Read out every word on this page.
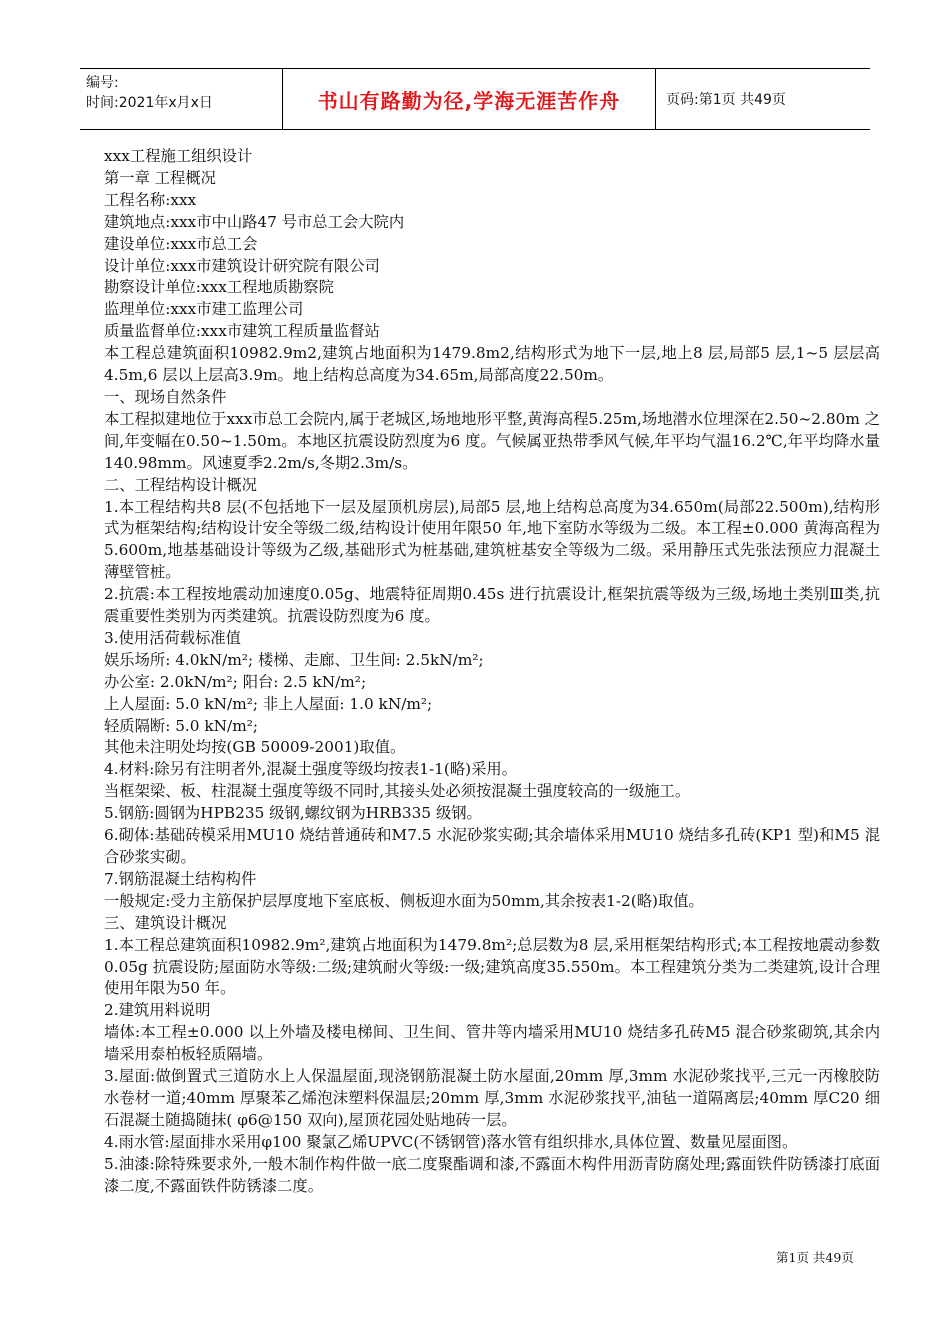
编号:
时间:2021年x月x日	书山有路勤为径,学海无涯苦作舟	页码:第1页 共49页

xxx工程施工组织设计

第一章 工程概况

工程名称:xxx

建筑地点:xxx市中山路47 号市总工会大院内

建设单位:xxx市总工会

设计单位:xxx市建筑设计研究院有限公司

勘察设计单位:xxx工程地质勘察院

监理单位:xxx市建工监理公司

质量监督单位:xxx市建筑工程质量监督站

本工程总建筑面积10982.9m2,建筑占地面积为1479.8m2,结构形式为地下一层,地上8 层,局部5 层,1~5 层层高4.5m,6 层以上层高3.9m。地上结构总高度为34.65m,局部高度22.50m。

一、现场自然条件

本工程拟建地位于xxx市总工会院内,属于老城区,场地地形平整,黄海高程5.25m,场地潜水位埋深在2.50~2.80m 之间,年变幅在0.50~1.50m。本地区抗震设防烈度为6 度。气候属亚热带季风气候,年平均气温16.2℃,年平均降水量140.98mm。风速夏季2.2m/s,冬期2.3m/s。

二、工程结构设计概况

1.本工程结构共8 层(不包括地下一层及屋顶机房层),局部5 层,地上结构总高度为34.650m(局部22.500m),结构形式为框架结构;结构设计安全等级二级,结构设计使用年限50 年,地下室防水等级为二级。本工程±0.000 黄海高程为5.600m,地基基础设计等级为乙级,基础形式为桩基础,建筑桩基安全等级为二级。采用静压式先张法预应力混凝土薄壁管桩。

2.抗震:本工程按地震动加速度0.05g、地震特征周期0.45s 进行抗震设计,框架抗震等级为三级,场地土类别Ⅲ类,抗震重要性类别为丙类建筑。抗震设防烈度为6 度。

3.使用活荷载标准值

娱乐场所: 4.0kN/m²; 楼梯、走廊、卫生间: 2.5kN/m²;

办公室: 2.0kN/m²; 阳台: 2.5 kN/m²;

上人屋面: 5.0 kN/m²; 非上人屋面: 1.0 kN/m²;

轻质隔断: 5.0 kN/m²;

其他未注明处均按(GB 50009-2001)取值。

4.材料:除另有注明者外,混凝土强度等级均按表1-1(略)采用。

当框架梁、板、柱混凝土强度等级不同时,其接头处必须按混凝土强度较高的一级施工。

5.钢筋:圆钢为HPB235 级钢,螺纹钢为HRB335 级钢。

6.砌体:基础砖模采用MU10 烧结普通砖和M7.5 水泥砂浆实砌;其余墙体采用MU10 烧结多孔砖(KP1 型)和M5 混合砂浆实砌。

7.钢筋混凝土结构构件

一般规定:受力主筋保护层厚度地下室底板、侧板迎水面为50mm,其余按表1-2(略)取值。

三、建筑设计概况

1.本工程总建筑面积10982.9m²,建筑占地面积为1479.8m²;总层数为8 层,采用框架结构形式;本工程按地震动参数0.05g 抗震设防;屋面防水等级:二级;建筑耐火等级:一级;建筑高度35.550m。本工程建筑分类为二类建筑,设计合理使用年限为50 年。

2.建筑用料说明

墙体:本工程±0.000 以上外墙及楼电梯间、卫生间、管井等内墙采用MU10 烧结多孔砖M5 混合砂浆砌筑,其余内墙采用泰柏板轻质隔墙。

3.屋面:做倒置式三道防水上人保温屋面,现浇钢筋混凝土防水屋面,20mm 厚,3mm 水泥砂浆找平,三元一丙橡胶防水卷材一道;40mm 厚聚苯乙烯泡沫塑料保温层;20mm 厚,3mm 水泥砂浆找平,油毡一道隔离层;40mm 厚C20 细石混凝土随捣随抹( φ6@150 双向),屋顶花园处贴地砖一层。

4.雨水管:屋面排水采用φ100 聚氯乙烯UPVC(不锈钢管)落水管有组织排水,具体位置、数量见屋面图。

5.油漆:除特殊要求外,一般木制作构件做一底二度聚酯调和漆,不露面木构件用沥青防腐处理;露面铁件防锈漆打底面漆二度,不露面铁件防锈漆二度。

第1页 共49页
